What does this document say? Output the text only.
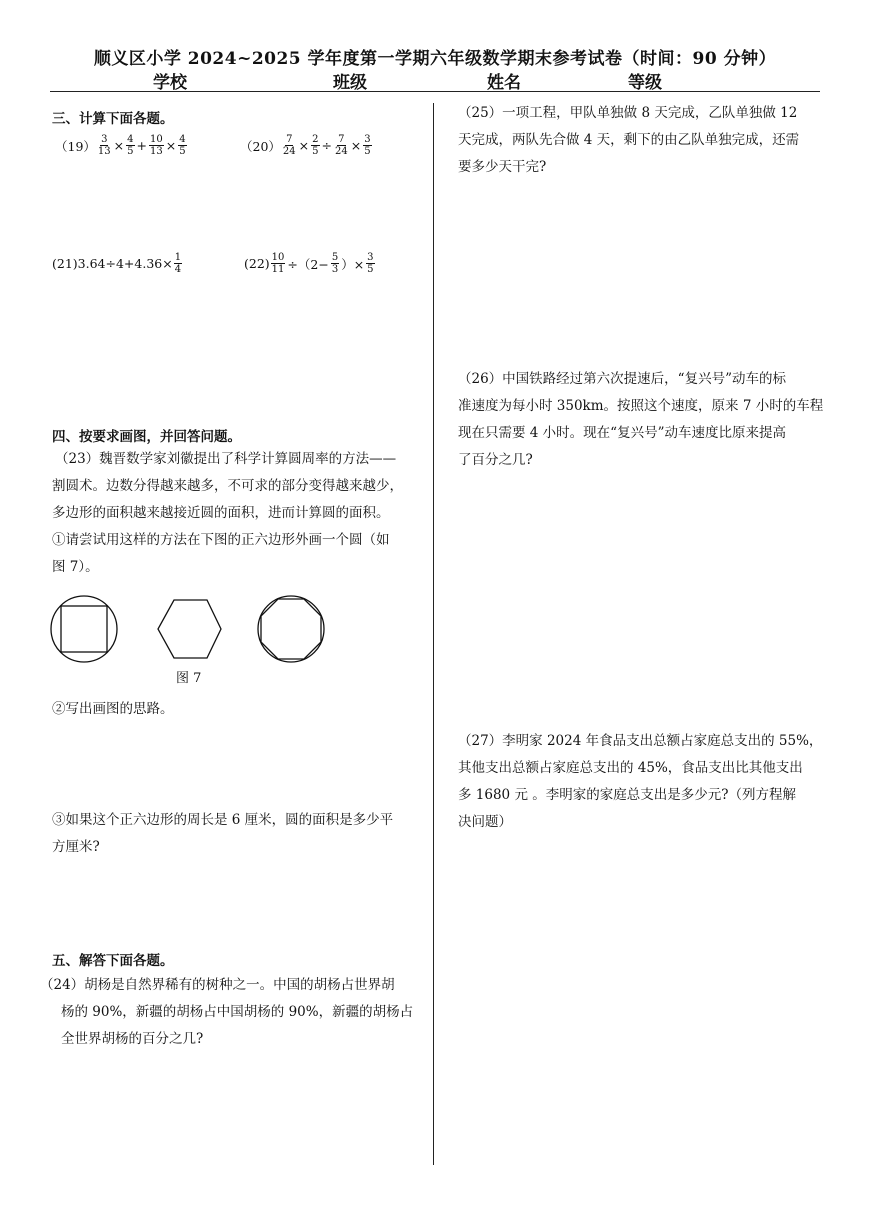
顺义区小学 2024~2025 学年度第一学期六年级数学期末参考试卷（时间：90 分钟）
学校	班级	姓名	等级
三、计算下面各题。
$(19) \frac{3}{13} \times \frac{4}{5} + \frac{10}{13} \times \frac{4}{5}$	$(20) \frac{7}{24} \times \frac{2}{5} \div \frac{7}{24} \times \frac{3}{5}$
$(21)3.64\div 4+4.36\times \frac{1}{4}$	$(22) \frac{10}{11} \div(2- \frac{5}{3}$ ）× $\frac{3}{5}$
四、按要求画图，并回答问题。
（23）魏晋数学家刘徽提出了科学计算圆周率的方法——
割圆术。边数分得越来越多，不可求的部分变得越来越少，
多边形的面积越来越接近圆的面积，进而计算圆的面积。
①请尝试用这样的方法在下图的正六边形外画一个圆（如
图 7）。
图 7
②写出画图的思路。
③如果这个正六边形的周长是 6 厘米，圆的面积是多少平
方厘米?
五、解答下面各题。
（24）胡杨是自然界稀有的树种之一。中国的胡杨占世界胡
杨的 90%，新疆的胡杨占中国胡杨的 90%，新疆的胡杨占
全世界胡杨的百分之几?
（25）一项工程，甲队单独做 8 天完成，乙队单独做 12
天完成，两队先合做 4 天，剩下的由乙队单独完成，还需
要多少天干完?
（26）中国铁路经过第六次提速后，“复兴号”动车的标
准速度为每小时 350km。按照这个速度，原来 7 小时的车程
现在只需要 4 小时。现在“复兴号”动车速度比原来提高
了百分之几?
（27）李明家 2024 年食品支出总额占家庭总支出的 55%，
其他支出总额占家庭总支出的 45%，食品支出比其他支出
多 1680 元 。李明家的家庭总支出是多少元?（列方程解
决问题）
